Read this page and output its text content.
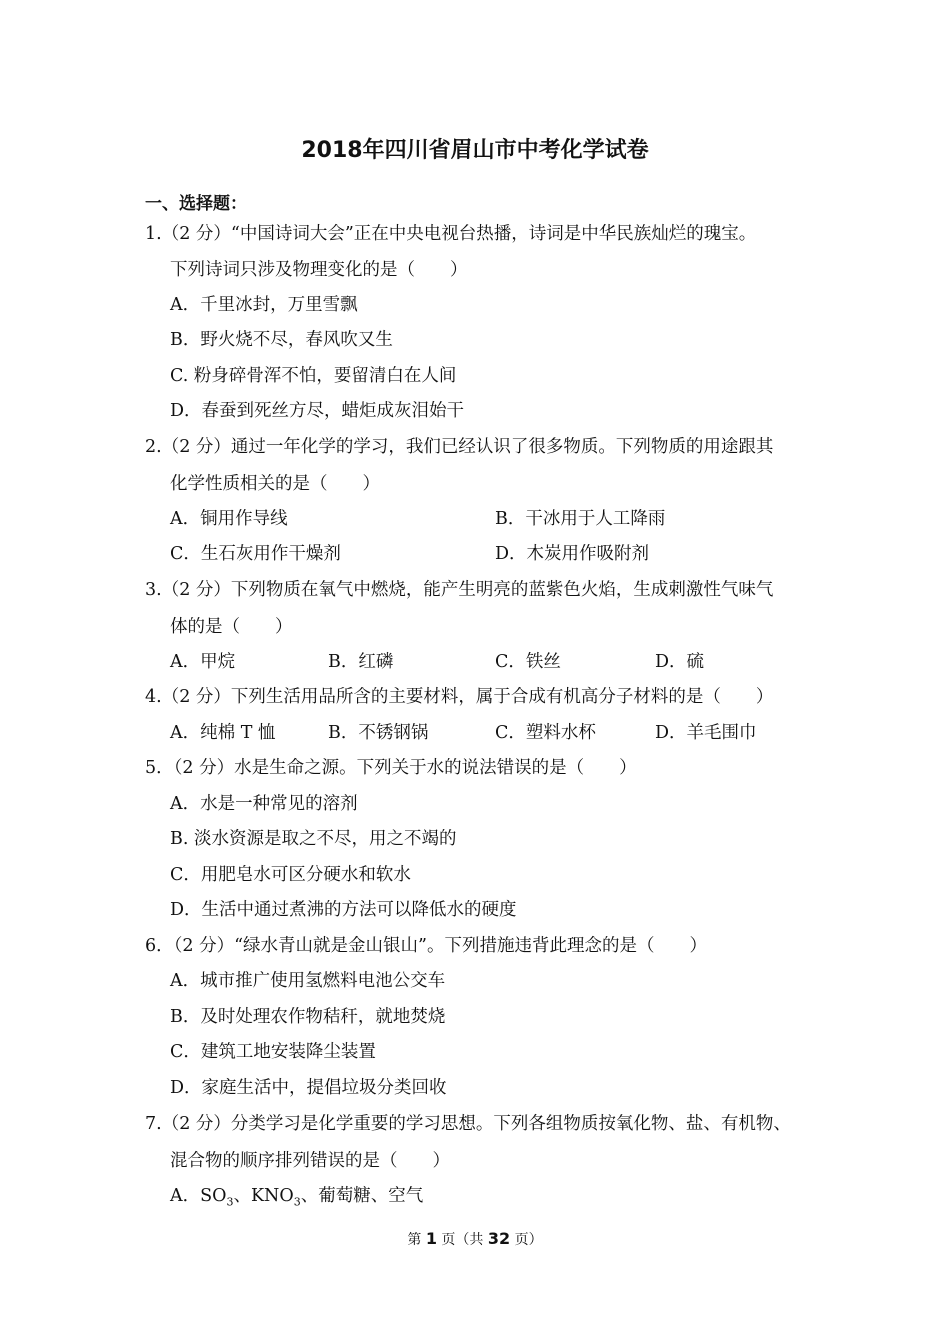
2018年四川省眉山市中考化学试卷
一、选择题：
1.（2 分）“中国诗词大会”正在中央电视台热播，诗词是中华民族灿烂的瑰宝。
下列诗词只涉及物理变化的是（　　）
A．千里冰封，万里雪飘
B．野火烧不尽，春风吹又生
C. 粉身碎骨浑不怕，要留清白在人间
D．春蚕到死丝方尽，蜡炬成灰泪始干
2.（2 分）通过一年化学的学习，我们已经认识了很多物质。下列物质的用途跟其
化学性质相关的是（　　）
A．铜用作导线	B．干冰用于人工降雨
C．生石灰用作干燥剂	D．木炭用作吸附剂
3.（2 分）下列物质在氧气中燃烧，能产生明亮的蓝紫色火焰，生成刺激性气味气
体的是（　　）
A．甲烷	B．红磷	C．铁丝	D．硫
4.（2 分）下列生活用品所含的主要材料，属于合成有机高分子材料的是（　　）
A．纯棉 T 恤	B．不锈钢锅	C．塑料水杯	D．羊毛围巾
5．（2 分）水是生命之源。下列关于水的说法错误的是（　　）
A．水是一种常见的溶剂
B. 淡水资源是取之不尽，用之不竭的
C．用肥皂水可区分硬水和软水
D．生活中通过煮沸的方法可以降低水的硬度
6．（2 分）“绿水青山就是金山银山”。下列措施违背此理念的是（　　）
A．城市推广使用氢燃料电池公交车
B．及时处理农作物秸秆，就地焚烧
C．建筑工地安装降尘装置
D．家庭生活中，提倡垃圾分类回收
7.（2 分）分类学习是化学重要的学习思想。下列各组物质按氧化物、盐、有机物、
混合物的顺序排列错误的是（　　）
A．$SO_3$、$KNO_3$、葡萄糖、空气
第 1 页（共 32 页）
